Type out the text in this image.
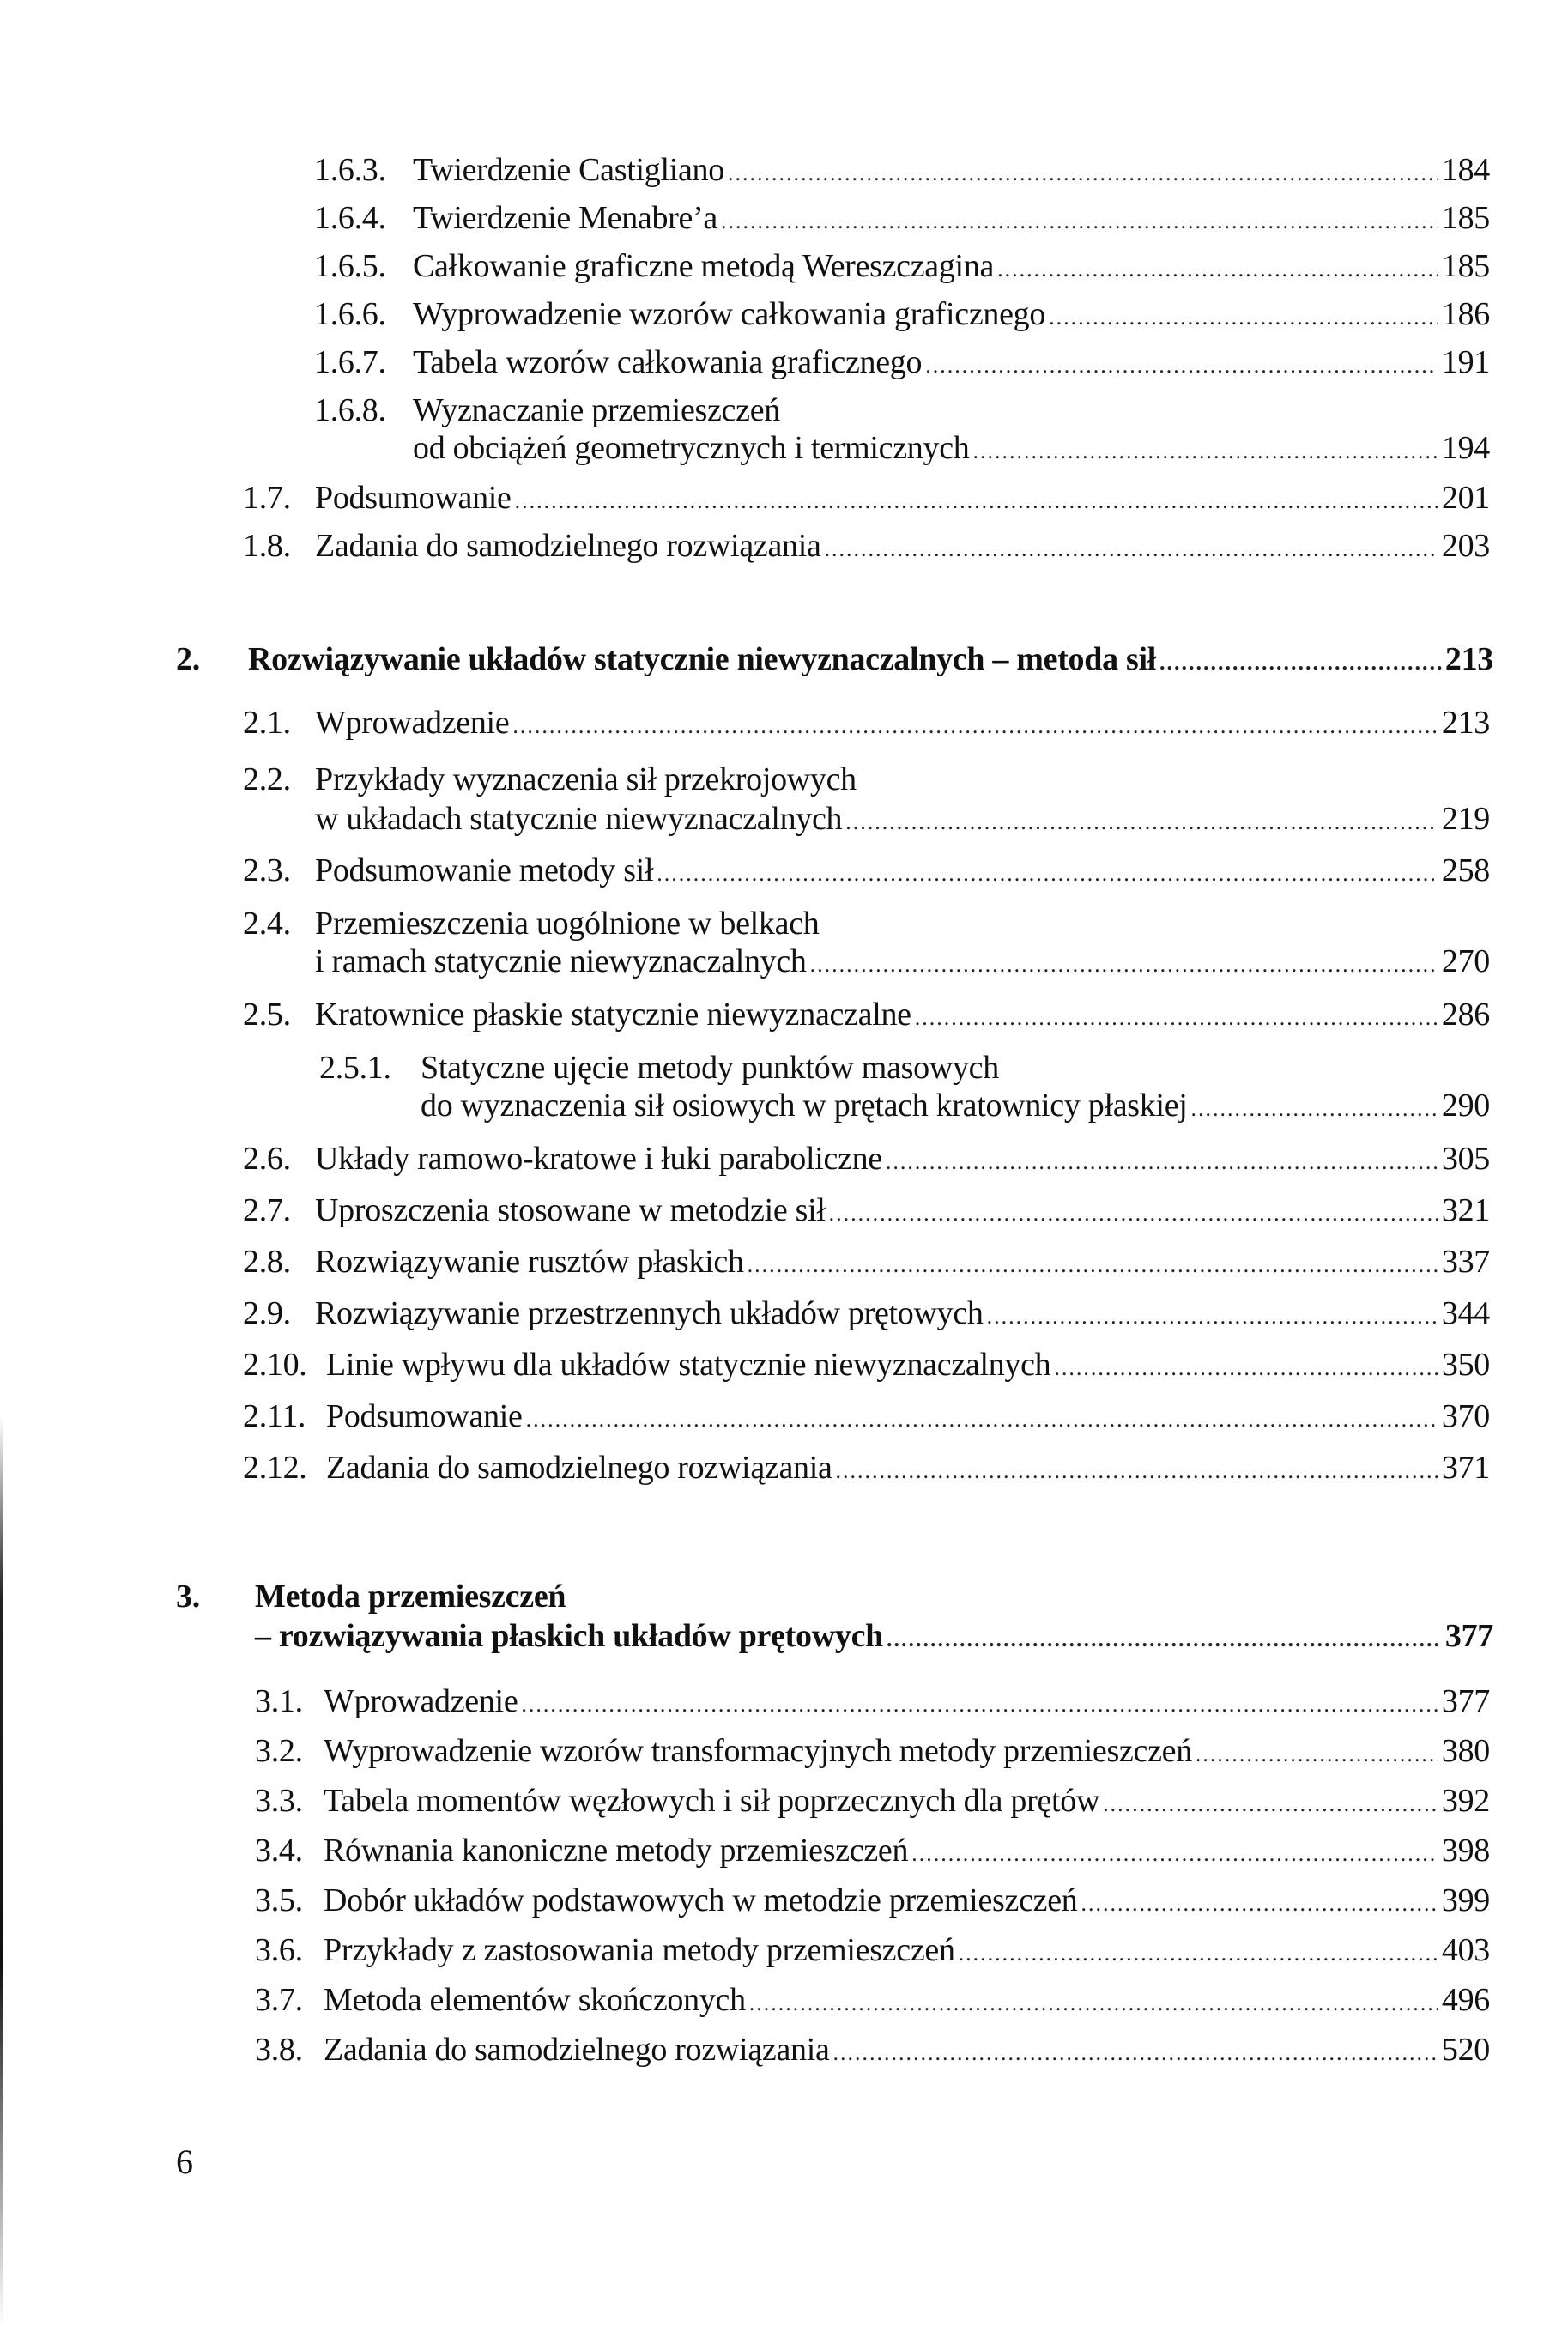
1.6.3. Twierdzenie Castigliano .....	184
1.6.4. Twierdzenie Menabre’a .....	185
1.6.5. Całkowanie graficzne metodą Wereszczagina .....	185
1.6.6. Wyprowadzenie wzorów całkowania graficznego .....	186
1.6.7. Tabela wzorów całkowania graficznego .....	191
1.6.8. Wyznaczanie przemieszczeń
od obciążeń geometrycznych i termicznych .....	194
1.7. Podsumowanie .....	201
1.8. Zadania do samodzielnego rozwiązania .....	203
2.	Rozwiązywanie układów statycznie niewyznaczalnych – metoda sił .....	213
2.1. Wprowadzenie .....	213
2.2. Przykłady wyznaczenia sił przekrojowych
w układach statycznie niewyznaczalnych .....	219
2.3. Podsumowanie metody sił .....	258
2.4. Przemieszczenia uogólnione w belkach
i ramach statycznie niewyznaczalnych .....	270
2.5. Kratownice płaskie statycznie niewyznaczalne .....	286
2.5.1. Statyczne ujęcie metody punktów masowych
do wyznaczenia sił osiowych w prętach kratownicy płaskiej .....	290
2.6. Układy ramowo-kratowe i łuki paraboliczne .....	305
2.7. Uproszczenia stosowane w metodzie sił .....	321
2.8. Rozwiązywanie rusztów płaskich .....	337
2.9. Rozwiązywanie przestrzennych układów prętowych .....	344
2.10. Linie wpływu dla układów statycznie niewyznaczalnych .....	350
2.11. Podsumowanie .....	370
2.12. Zadania do samodzielnego rozwiązania .....	371
3. Metoda przemieszczeń
– rozwiązywania płaskich układów prętowych .....	377
3.1. Wprowadzenie .....	377
3.2. Wyprowadzenie wzorów transformacyjnych metody przemieszczeń .....	380
3.3. Tabela momentów węzłowych i sił poprzecznych dla prętów .....	392
3.4. Równania kanoniczne metody przemieszczeń .....	398
3.5. Dobór układów podstawowych w metodzie przemieszczeń .....	399
3.6. Przykłady z zastosowania metody przemieszczeń .....	403
3.7. Metoda elementów skończonych .....	496
3.8. Zadania do samodzielnego rozwiązania .....	520
6
